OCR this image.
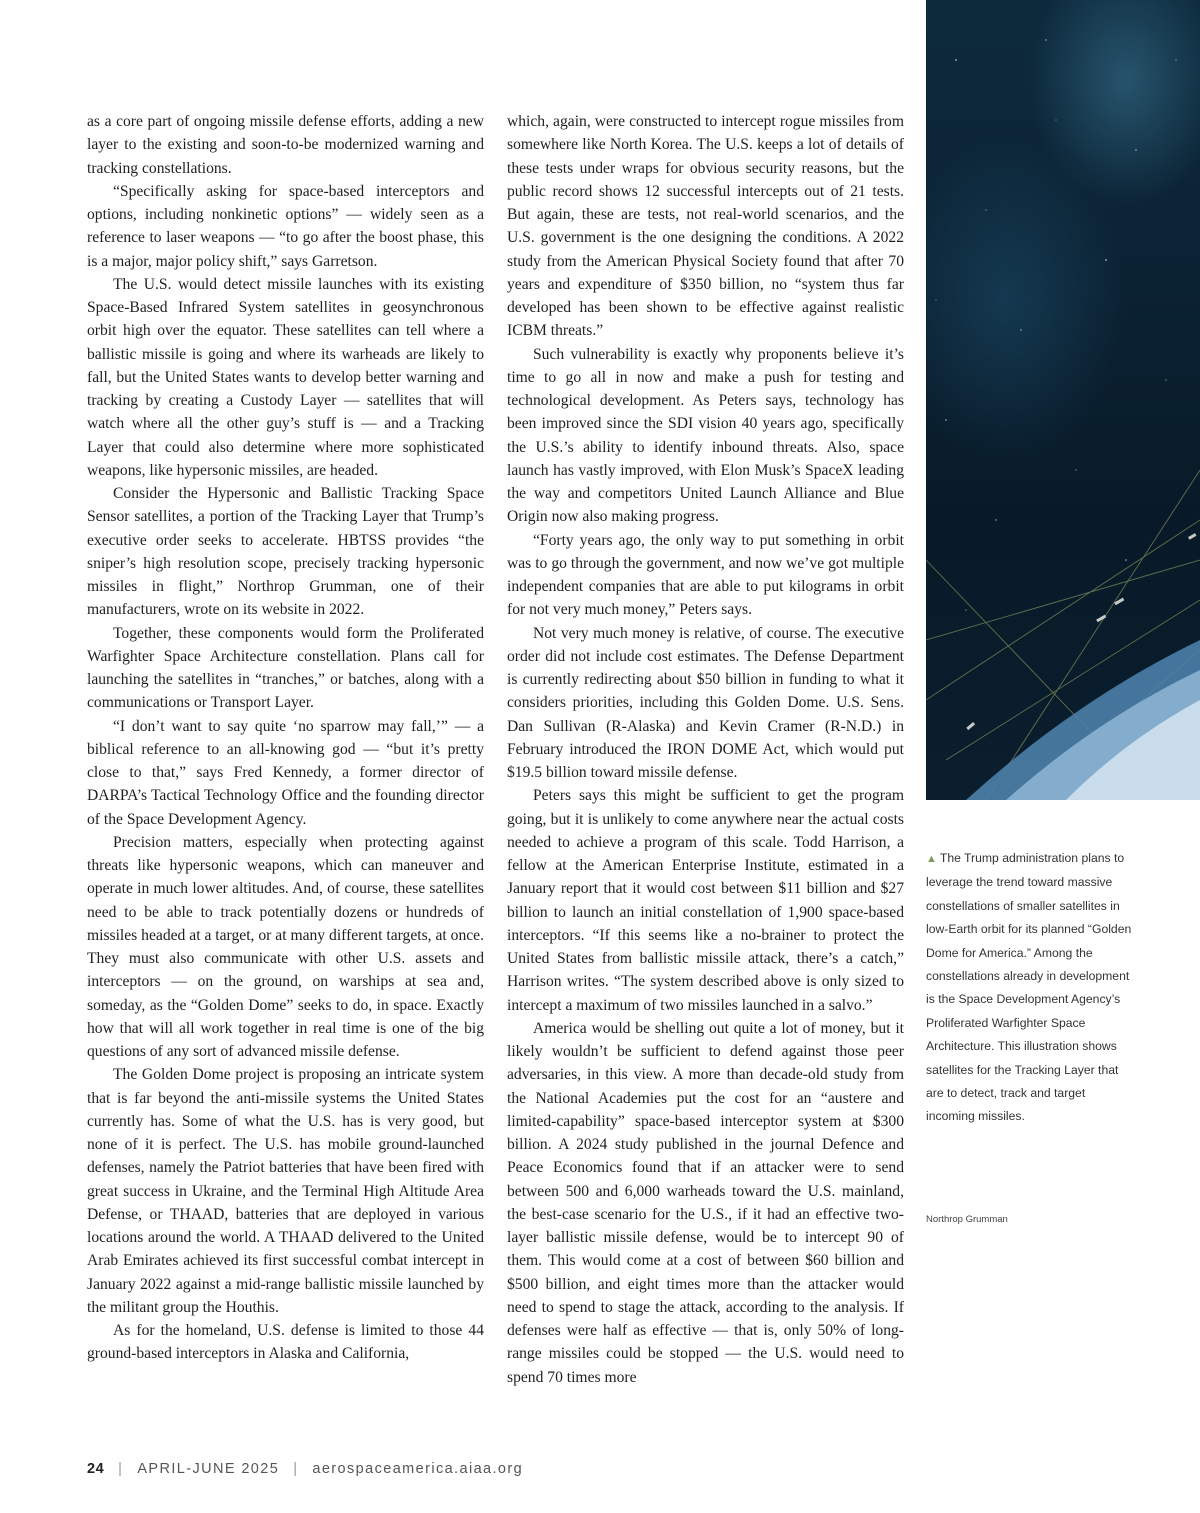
as a core part of ongoing missile defense efforts, adding a new layer to the existing and soon-to-be modernized warning and tracking constellations.

“Specifically asking for space-based interceptors and options, including nonkinetic options” — widely seen as a reference to laser weapons — “to go after the boost phase, this is a major, major policy shift,” says Garretson.

The U.S. would detect missile launches with its existing Space-Based Infrared System satellites in geosynchronous orbit high over the equator. These satellites can tell where a ballistic missile is going and where its warheads are likely to fall, but the United States wants to develop better warning and tracking by creating a Custody Layer — satellites that will watch where all the other guy’s stuff is — and a Tracking Layer that could also determine where more sophisticated weapons, like hypersonic missiles, are headed.

Consider the Hypersonic and Ballistic Tracking Space Sensor satellites, a portion of the Tracking Layer that Trump’s executive order seeks to accelerate. HBTSS provides “the sniper’s high resolution scope, precisely tracking hypersonic missiles in flight,” Northrop Grumman, one of their manufacturers, wrote on its website in 2022.

Together, these components would form the Proliferated Warfighter Space Architecture constellation. Plans call for launching the satellites in “tranches,” or batches, along with a communications or Transport Layer.

“I don’t want to say quite ‘no sparrow may fall,’” — a biblical reference to an all-knowing god — “but it’s pretty close to that,” says Fred Kennedy, a former director of DARPA’s Tactical Technology Office and the founding director of the Space Development Agency.

Precision matters, especially when protecting against threats like hypersonic weapons, which can maneuver and operate in much lower altitudes. And, of course, these satellites need to be able to track potentially dozens or hundreds of missiles headed at a target, or at many different targets, at once. They must also communicate with other U.S. assets and interceptors — on the ground, on warships at sea and, someday, as the “Golden Dome” seeks to do, in space. Exactly how that will all work together in real time is one of the big questions of any sort of advanced missile defense.

The Golden Dome project is proposing an intricate system that is far beyond the anti-missile systems the United States currently has. Some of what the U.S. has is very good, but none of it is perfect. The U.S. has mobile ground-launched defenses, namely the Patriot batteries that have been fired with great success in Ukraine, and the Terminal High Altitude Area Defense, or THAAD, batteries that are deployed in various locations around the world. A THAAD delivered to the United Arab Emirates achieved its first successful combat intercept in January 2022 against a mid-range ballistic missile launched by the militant group the Houthis.

As for the homeland, U.S. defense is limited to those 44 ground-based interceptors in Alaska and California,

which, again, were constructed to intercept rogue missiles from somewhere like North Korea. The U.S. keeps a lot of details of these tests under wraps for obvious security reasons, but the public record shows 12 successful intercepts out of 21 tests. But again, these are tests, not real-world scenarios, and the U.S. government is the one designing the conditions. A 2022 study from the American Physical Society found that after 70 years and expenditure of $350 billion, no “system thus far developed has been shown to be effective against realistic ICBM threats.”

Such vulnerability is exactly why proponents believe it’s time to go all in now and make a push for testing and technological development. As Peters says, technology has been improved since the SDI vision 40 years ago, specifically the U.S.’s ability to identify inbound threats. Also, space launch has vastly improved, with Elon Musk’s SpaceX leading the way and competitors United Launch Alliance and Blue Origin now also making progress.

“Forty years ago, the only way to put something in orbit was to go through the government, and now we’ve got multiple independent companies that are able to put kilograms in orbit for not very much money,” Peters says.

Not very much money is relative, of course. The executive order did not include cost estimates. The Defense Department is currently redirecting about $50 billion in funding to what it considers priorities, including this Golden Dome. U.S. Sens. Dan Sullivan (R-Alaska) and Kevin Cramer (R-N.D.) in February introduced the IRON DOME Act, which would put $19.5 billion toward missile defense.

Peters says this might be sufficient to get the program going, but it is unlikely to come anywhere near the actual costs needed to achieve a program of this scale. Todd Harrison, a fellow at the American Enterprise Institute, estimated in a January report that it would cost between $11 billion and $27 billion to launch an initial constellation of 1,900 space-based interceptors. “If this seems like a no-brainer to protect the United States from ballistic missile attack, there’s a catch,” Harrison writes. “The system described above is only sized to intercept a maximum of two missiles launched in a salvo.”

America would be shelling out quite a lot of money, but it likely wouldn’t be sufficient to defend against those peer adversaries, in this view. A more than decade-old study from the National Academies put the cost for an “austere and limited-capability” space-based interceptor system at $300 billion. A 2024 study published in the journal Defence and Peace Economics found that if an attacker were to send between 500 and 6,000 warheads toward the U.S. mainland, the best-case scenario for the U.S., if it had an effective two-layer ballistic missile defense, would be to intercept 90 of them. This would come at a cost of between $60 billion and $500 billion, and eight times more than the attacker would need to spend to stage the attack, according to the analysis. If defenses were half as effective — that is, only 50% of long-range missiles could be stopped — the U.S. would need to spend 70 times more

▲ The Trump administration plans to leverage the trend toward massive constellations of smaller satellites in low-Earth orbit for its planned “Golden Dome for America.” Among the constellations already in development is the Space Development Agency’s Proliferated Warfighter Space Architecture. This illustration shows satellites for the Tracking Layer that are to detect, track and target incoming missiles.
Northrop Grumman
24 | APRIL-JUNE 2025 | aerospaceamerica.aiaa.org
